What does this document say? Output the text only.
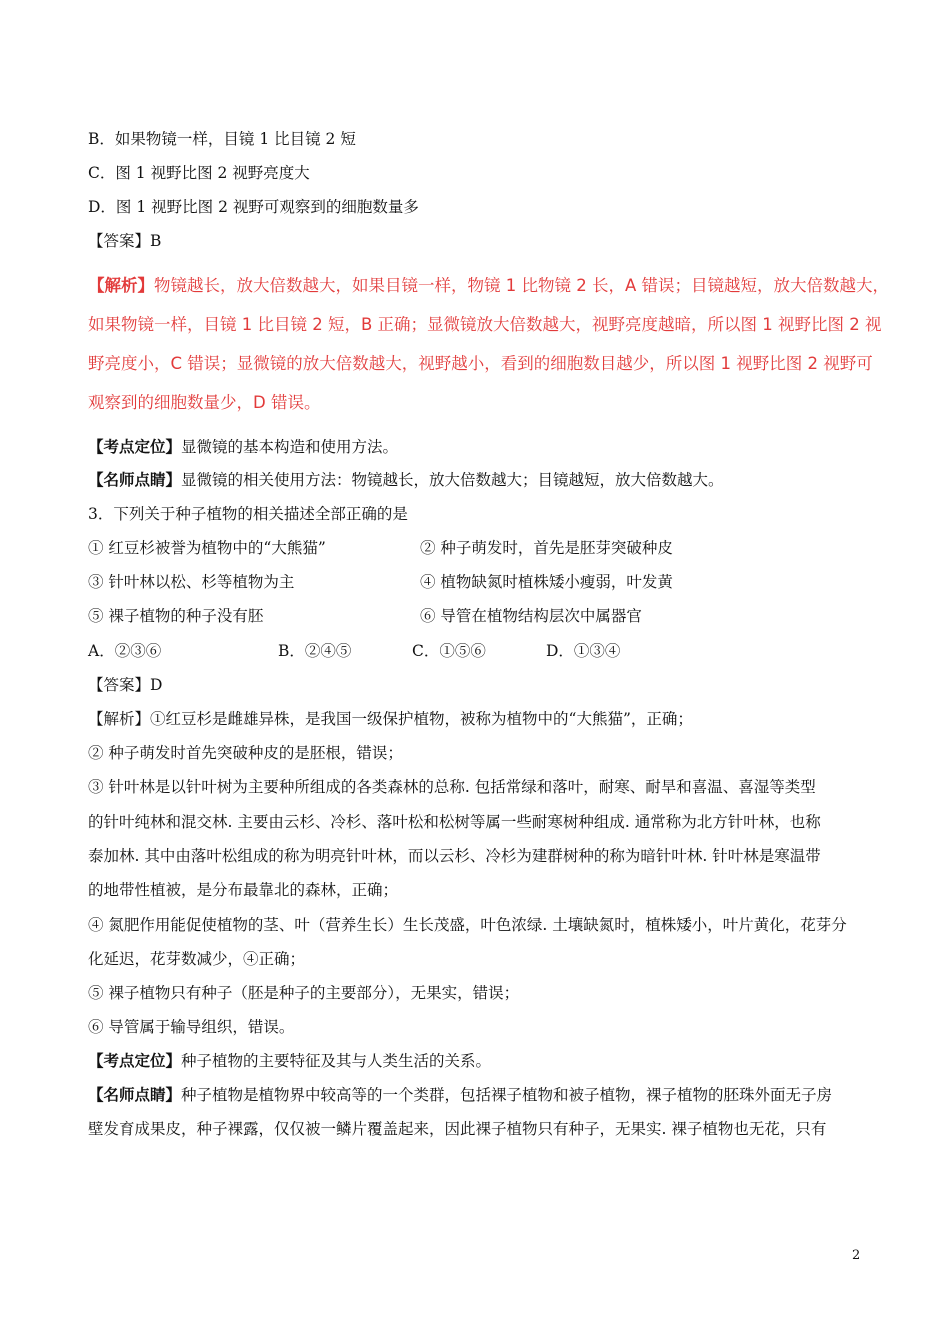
B．如果物镜一样，目镜 1 比目镜 2 短
C．图 1 视野比图 2 视野亮度大
D．图 1 视野比图 2 视野可观察到的细胞数量多
【答案】B
【解析】物镜越长，放大倍数越大，如果目镜一样，物镜 1 比物镜 2 长，A 错误；目镜越短，放大倍数越大，
如果物镜一样，目镜 1 比目镜 2 短，B 正确；显微镜放大倍数越大，视野亮度越暗，所以图 1 视野比图 2 视
野亮度小，C 错误；显微镜的放大倍数越大，视野越小，看到的细胞数目越少，所以图 1 视野比图 2 视野可
观察到的细胞数量少，D 错误。
【考点定位】显微镜的基本构造和使用方法。
【名师点睛】显微镜的相关使用方法：物镜越长，放大倍数越大；目镜越短，放大倍数越大。
3．下列关于种子植物的相关描述全部正确的是
① 红豆杉被誉为植物中的“大熊猫”	② 种子萌发时，首先是胚芽突破种皮
③ 针叶林以松、杉等植物为主	④ 植物缺氮时植株矮小瘦弱，叶发黄
⑤ 裸子植物的种子没有胚	⑥ 导管在植物结构层次中属器官
A．②③⑥	B．②④⑤	C．①⑤⑥	D．①③④
【答案】D
【解析】①红豆杉是雌雄异株，是我国一级保护植物，被称为植物中的“大熊猫”，正确；
② 种子萌发时首先突破种皮的是胚根，错误；
③ 针叶林是以针叶树为主要种所组成的各类森林的总称. 包括常绿和落叶，耐寒、耐旱和喜温、喜湿等类型
的针叶纯林和混交林. 主要由云杉、冷杉、落叶松和松树等属一些耐寒树种组成. 通常称为北方针叶林，也称
泰加林. 其中由落叶松组成的称为明亮针叶林，而以云杉、冷杉为建群树种的称为暗针叶林. 针叶林是寒温带
的地带性植被，是分布最靠北的森林，正确；
④ 氮肥作用能促使植物的茎、叶（营养生长）生长茂盛，叶色浓绿. 土壤缺氮时，植株矮小，叶片黄化，花芽分
化延迟，花芽数减少，④正确；
⑤ 裸子植物只有种子（胚是种子的主要部分），无果实，错误；
⑥ 导管属于输导组织，错误。
【考点定位】种子植物的主要特征及其与人类生活的关系。
【名师点睛】种子植物是植物界中较高等的一个类群，包括裸子植物和被子植物，裸子植物的胚珠外面无子房
壁发育成果皮，种子裸露，仅仅被一鳞片覆盖起来，因此裸子植物只有种子，无果实. 裸子植物也无花，只有
2
